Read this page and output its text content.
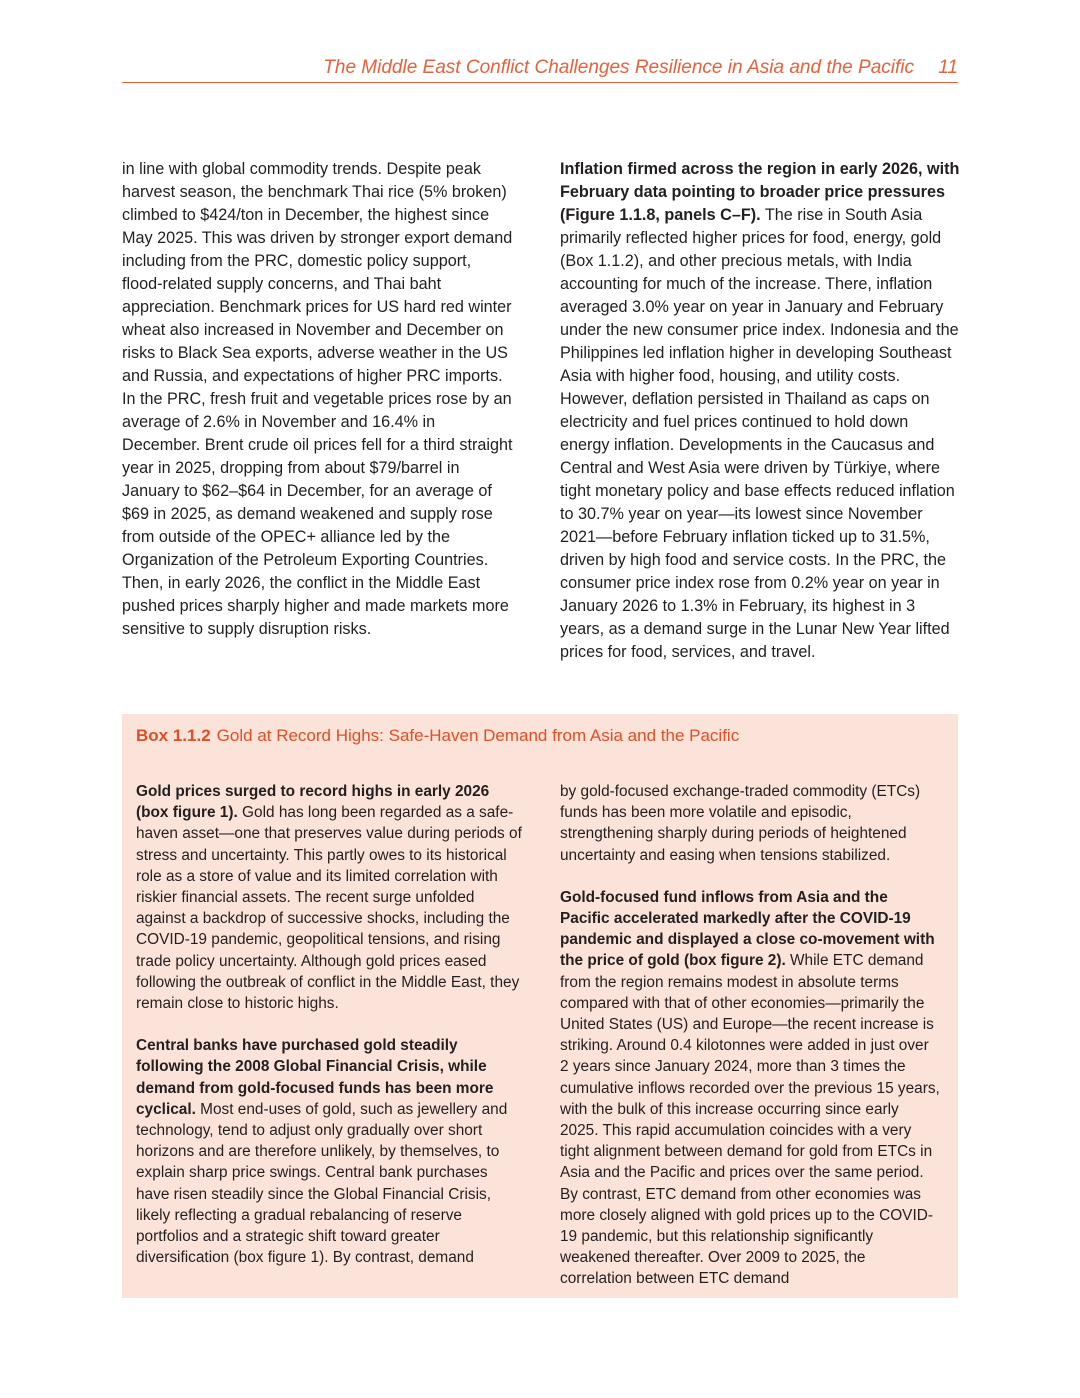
The Middle East Conflict Challenges Resilience in Asia and the Pacific 11

in line with global commodity trends. Despite peak harvest season, the benchmark Thai rice (5% broken) climbed to $424/ton in December, the highest since May 2025. This was driven by stronger export demand including from the PRC, domestic policy support, flood-related supply concerns, and Thai baht appreciation. Benchmark prices for US hard red winter wheat also increased in November and December on risks to Black Sea exports, adverse weather in the US and Russia, and expectations of higher PRC imports. In the PRC, fresh fruit and vegetable prices rose by an average of 2.6% in November and 16.4% in December. Brent crude oil prices fell for a third straight year in 2025, dropping from about $79/barrel in January to $62–$64 in December, for an average of $69 in 2025, as demand weakened and supply rose from outside of the OPEC+ alliance led by the Organization of the Petroleum Exporting Countries. Then, in early 2026, the conflict in the Middle East pushed prices sharply higher and made markets more sensitive to supply disruption risks.

Inflation firmed across the region in early 2026, with February data pointing to broader price pressures (Figure 1.1.8, panels C–F). The rise in South Asia primarily reflected higher prices for food, energy, gold (Box 1.1.2), and other precious metals, with India accounting for much of the increase. There, inflation averaged 3.0% year on year in January and February under the new consumer price index. Indonesia and the Philippines led inflation higher in developing Southeast Asia with higher food, housing, and utility costs. However, deflation persisted in Thailand as caps on electricity and fuel prices continued to hold down energy inflation. Developments in the Caucasus and Central and West Asia were driven by Türkiye, where tight monetary policy and base effects reduced inflation to 30.7% year on year—its lowest since November 2021—before February inflation ticked up to 31.5%, driven by high food and service costs. In the PRC, the consumer price index rose from 0.2% year on year in January 2026 to 1.3% in February, its highest in 3 years, as a demand surge in the Lunar New Year lifted prices for food, services, and travel.

Box 1.1.2 Gold at Record Highs: Safe-Haven Demand from Asia and the Pacific

Gold prices surged to record highs in early 2026 (box figure 1). Gold has long been regarded as a safe-haven asset—one that preserves value during periods of stress and uncertainty. This partly owes to its historical role as a store of value and its limited correlation with riskier financial assets. The recent surge unfolded against a backdrop of successive shocks, including the COVID-19 pandemic, geopolitical tensions, and rising trade policy uncertainty. Although gold prices eased following the outbreak of conflict in the Middle East, they remain close to historic highs.

Central banks have purchased gold steadily following the 2008 Global Financial Crisis, while demand from gold-focused funds has been more cyclical. Most end-uses of gold, such as jewellery and technology, tend to adjust only gradually over short horizons and are therefore unlikely, by themselves, to explain sharp price swings. Central bank purchases have risen steadily since the Global Financial Crisis, likely reflecting a gradual rebalancing of reserve portfolios and a strategic shift toward greater diversification (box figure 1). By contrast, demand

by gold-focused exchange-traded commodity (ETCs) funds has been more volatile and episodic, strengthening sharply during periods of heightened uncertainty and easing when tensions stabilized.

Gold-focused fund inflows from Asia and the Pacific accelerated markedly after the COVID-19 pandemic and displayed a close co-movement with the price of gold (box figure 2). While ETC demand from the region remains modest in absolute terms compared with that of other economies—primarily the United States (US) and Europe—the recent increase is striking. Around 0.4 kilotonnes were added in just over 2 years since January 2024, more than 3 times the cumulative inflows recorded over the previous 15 years, with the bulk of this increase occurring since early 2025. This rapid accumulation coincides with a very tight alignment between demand for gold from ETCs in Asia and the Pacific and prices over the same period. By contrast, ETC demand from other economies was more closely aligned with gold prices up to the COVID-19 pandemic, but this relationship significantly weakened thereafter. Over 2009 to 2025, the correlation between ETC demand
